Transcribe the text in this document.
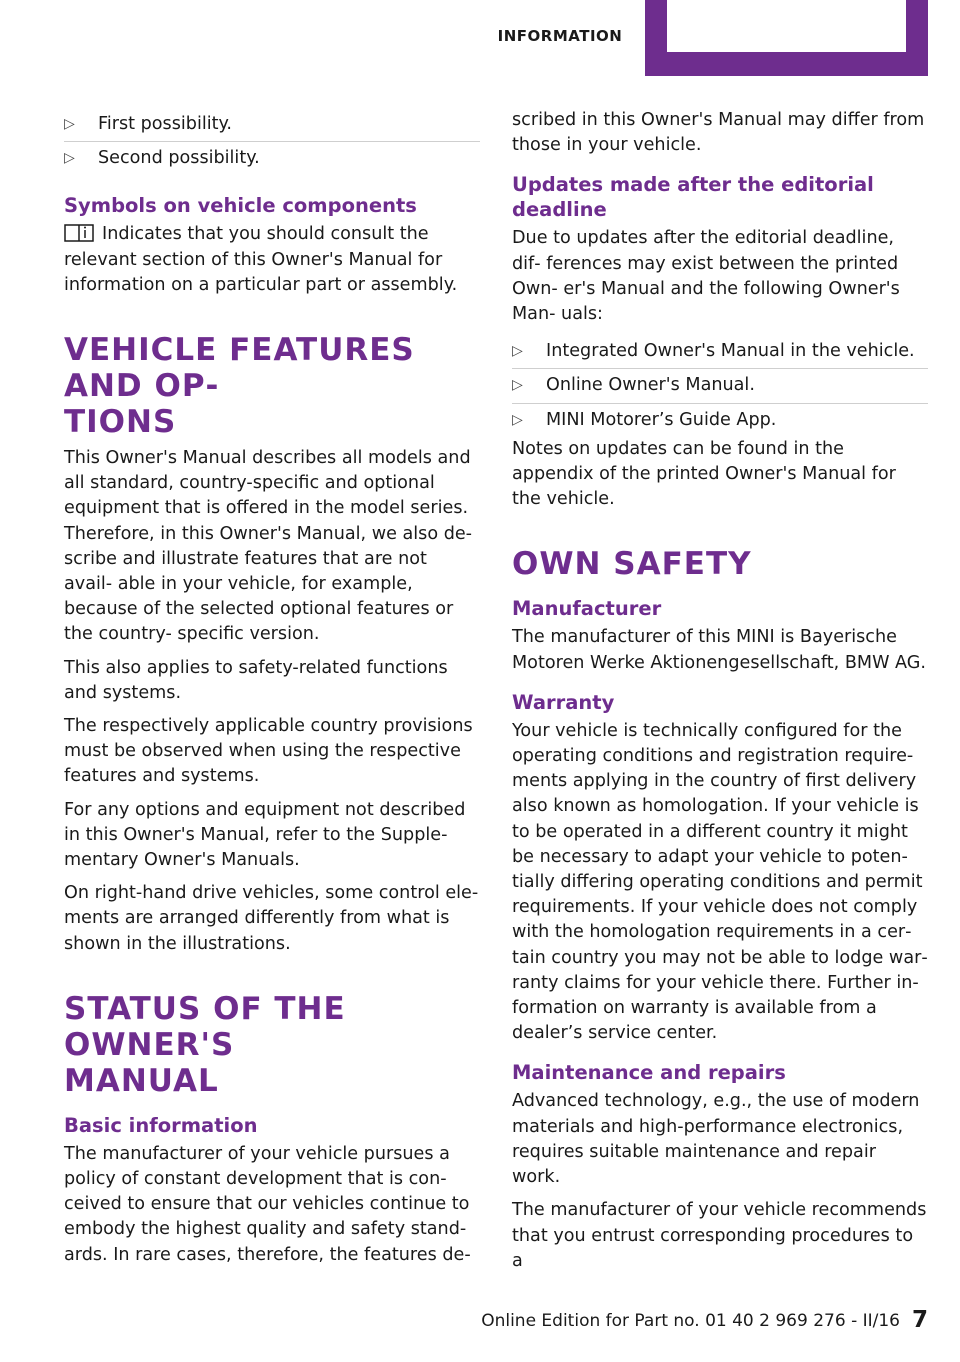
INFORMATION
▷ First possibility.
▷ Second possibility.
Symbols on vehicle components

Indicates that you should consult the relevant section of this Owner's Manual for information on a particular part or assembly.

VEHICLE FEATURES AND OP‐
TIONS

This Owner's Manual describes all models and all standard, country-specific and optional equipment that is offered in the model series. Therefore, in this Owner's Manual, we also de‐ scribe and illustrate features that are not avail‐ able in your vehicle, for example, because of the selected optional features or the country- specific version.

This also applies to safety-related functions and systems.

The respectively applicable country provisions must be observed when using the respective features and systems.

For any options and equipment not described in this Owner's Manual, refer to the Supple‐ mentary Owner's Manuals.

On right-hand drive vehicles, some control ele‐ ments are arranged differently from what is shown in the illustrations.

STATUS OF THE OWNER'S
MANUAL
Basic information

The manufacturer of your vehicle pursues a policy of constant development that is con‐ ceived to ensure that our vehicles continue to embody the highest quality and safety stand‐ ards. In rare cases, therefore, the features de‐

scribed in this Owner's Manual may differ from those in your vehicle.

Updates made after the editorial deadline

Due to updates after the editorial deadline, dif‐ ferences may exist between the printed Own‐ er's Manual and the following Owner's Man‐ uals:

▷ Integrated Owner's Manual in the vehicle.
▷ Online Owner's Manual.
▷ MINI Motorer’s Guide App.

Notes on updates can be found in the appendix of the printed Owner's Manual for the vehicle.

OWN SAFETY
Manufacturer

The manufacturer of this MINI is Bayerische Motoren Werke Aktionengesellschaft, BMW AG.

Warranty

Your vehicle is technically configured for the operating conditions and registration require‐ ments applying in the country of first delivery also known as homologation. If your vehicle is to be operated in a different country it might be necessary to adapt your vehicle to poten‐ tially differing operating conditions and permit requirements. If your vehicle does not comply with the homologation requirements in a cer‐ tain country you may not be able to lodge war‐ ranty claims for your vehicle there. Further in‐ formation on warranty is available from a dealer’s service center.

Maintenance and repairs

Advanced technology, e.g., the use of modern materials and high-performance electronics, requires suitable maintenance and repair work.

The manufacturer of your vehicle recommends that you entrust corresponding procedures to a

Online Edition for Part no. 01 40 2 969 276 - II/16 7
